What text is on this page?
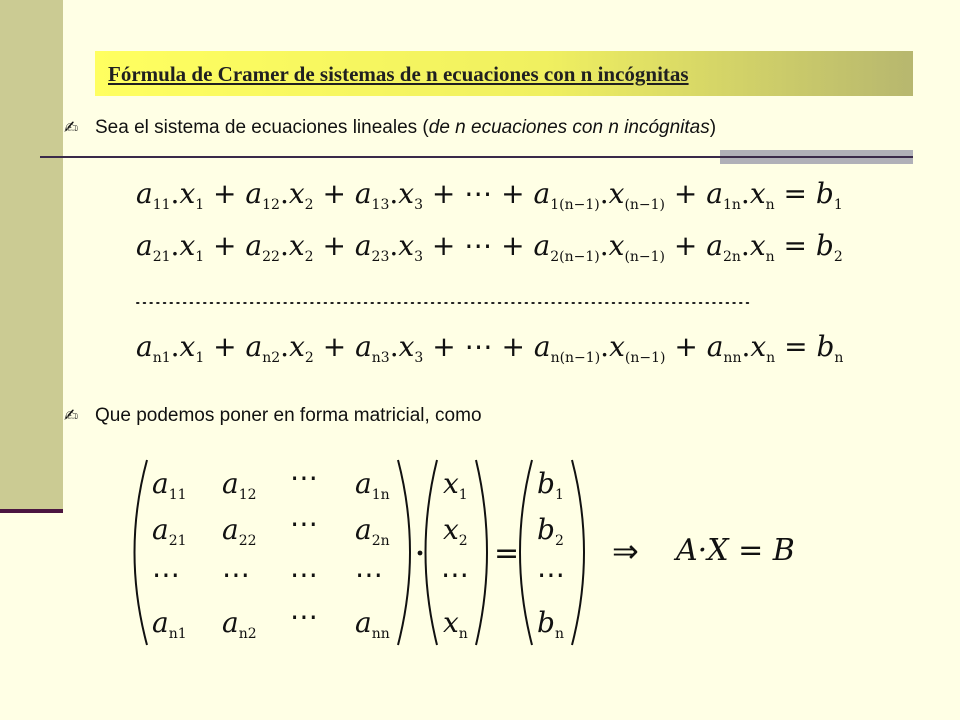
Fórmula de Cramer de sistemas de n ecuaciones con n incógnitas
✍ Sea el sistema de ecuaciones lineales (de n ecuaciones con n incógnitas)
✍ Que podemos poner en forma matricial, como
$a_{11}.x_1 + a_{12}.x_2 + a_{13}.x_3$ + ⋯ + $a_{1(n-1)}.x_{(n-1)} + a_{1n}.x_n = b_1$
$a_{21}.x_1 + a_{22}.x_2 + a_{23}.x_3$ + ⋯ + $a_{2(n-1)}.x_{(n-1)} + a_{2n}.x_n = b_2$
$a_{n1}.x_1 + a_{n2}.x_2 + a_{n3}.x_3$ + ⋯ + $a_{n(n-1)}.x_{(n-1)} + a_{nn}.x_n = b_n$
$a_{11}$ $a_{12}$
⋯ $a_{1n}$
$a_{21}$ $a_{22}$
⋯ $a_{2n}$
⋯ ⋯ ⋯ ⋯
$a_{n1}$ $a_{n2}$
⋯ $a_{nn}$
$x_1$
$x_2$
⋯
$x_n$
=
$b_1$
$b_2$
⋯
$b_n$
⇒ A·X = B
